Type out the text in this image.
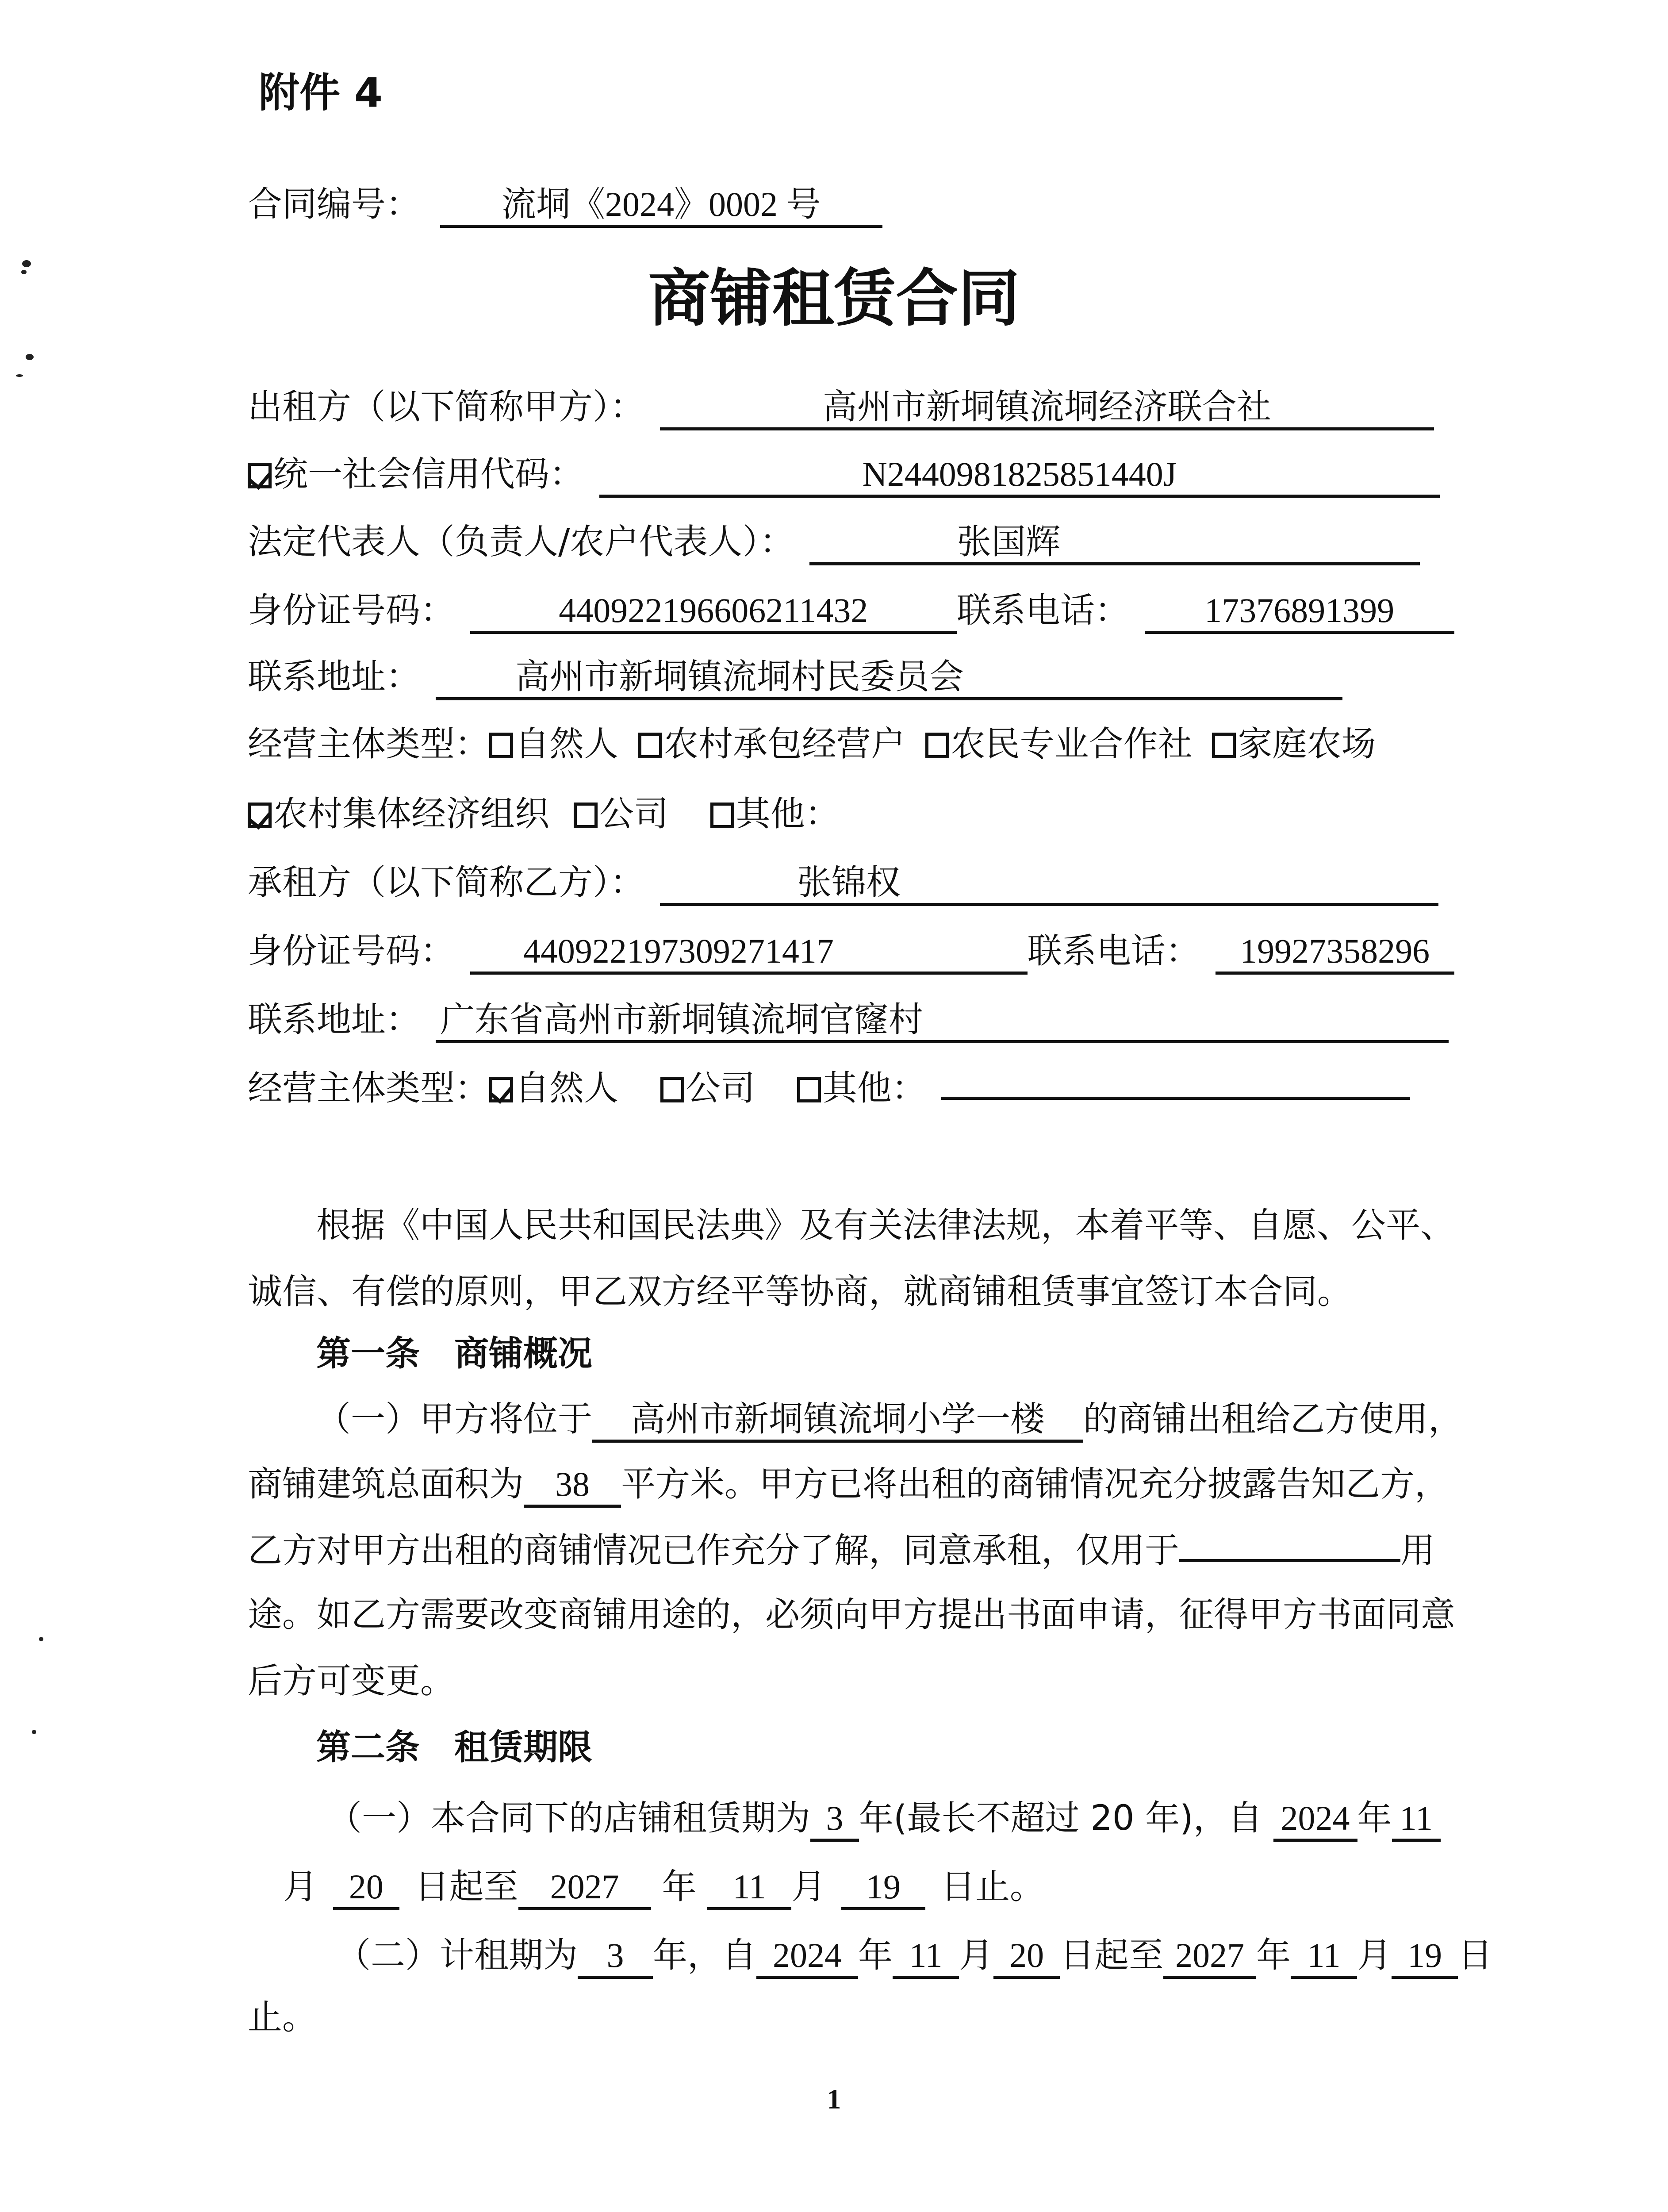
附件 4
合同编号： 流垌《2024》0002 号
商铺租赁合同
出租方（以下简称甲方）：	高州市新垌镇流垌经济联合社
统一社会信用代码：	N2440981825851440J
法定代表人（负责人/农户代表人）：	张国辉
身份证号码：	440922196606211432	联系电话： 17376891399
联系地址：	高州市新垌镇流垌村民委员会
经营主体类型： 自然人 农村承包经营户 农民专业合作社 家庭农场
农村集体经济组织 公司 其他：
承租方（以下简称乙方）：	张锦权
身份证号码： 440922197309271417	联系电话： 19927358296
联系地址： 广东省高州市新垌镇流垌官窿村
经营主体类型： 自然人 公司 其他：
根据《中国人民共和国民法典》及有关法律法规，本着平等、自愿、公平、
诚信、有偿的原则，甲乙双方经平等协商，就商铺租赁事宜签订本合同。
第一条　商铺概况
（一）甲方将位于 高州市新垌镇流垌小学一楼 的商铺出租给乙方使用，
商铺建筑总面积为 38 平方米。甲方已将出租的商铺情况充分披露告知乙方，
乙方对甲方出租的商铺情况已作充分了解，同意承租，仅用于	用
途。如乙方需要改变商铺用途的，必须向甲方提出书面申请，征得甲方书面同意
后方可变更。
第二条　租赁期限
（一）本合同下的店铺租赁期为 3 年(最长不超过 20 年)，自 2024 年 11
月 20 日起至 2027 年 11 月 19 日止。
（二）计租期为 3 年，自 2024 年 11 月 20 日起至 2027 年 11 月 19 日
止。
1
